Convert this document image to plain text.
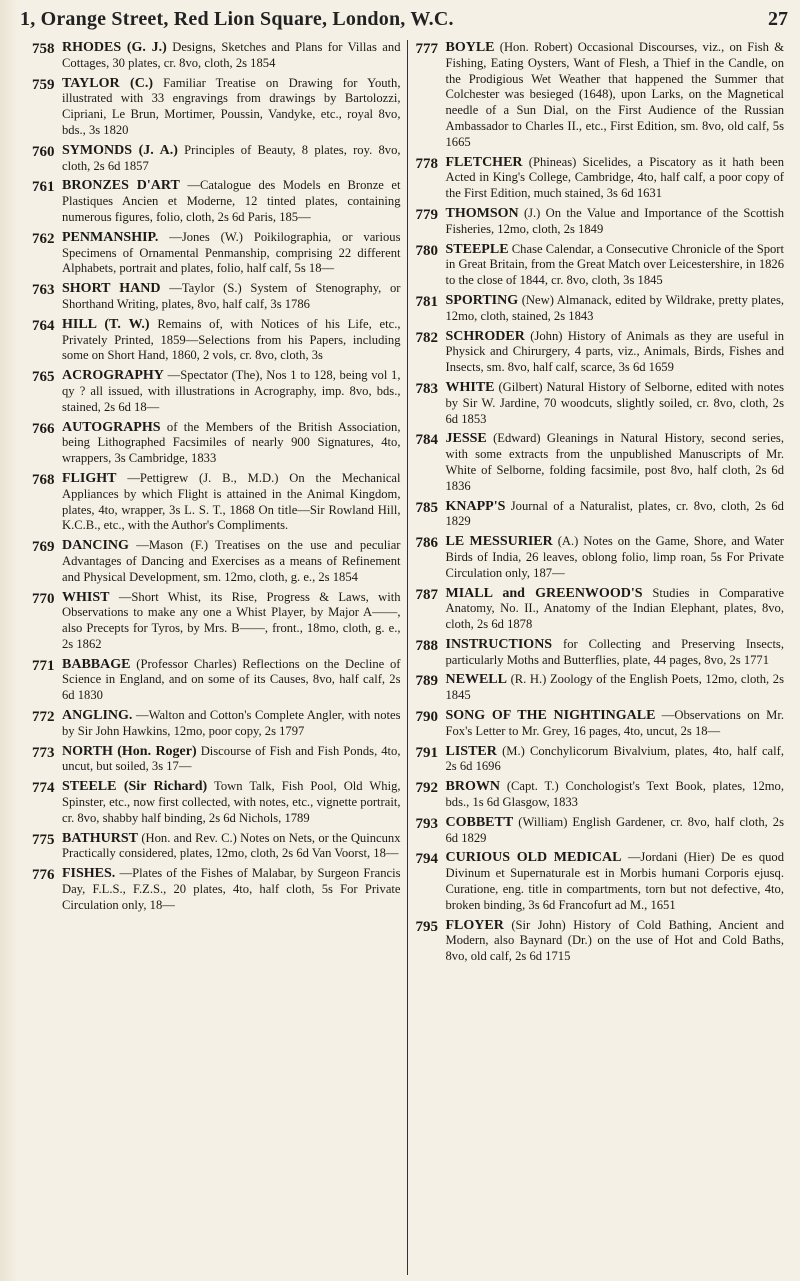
1, Orange Street, Red Lion Square, London, W.C.	27
758 RHODES (G. J.) Designs, Sketches and Plans for Villas and Cottages, 30 plates, cr. 8vo, cloth, 2s 1854
759 TAYLOR (C.) Familiar Treatise on Drawing for Youth, illustrated with 33 engravings from drawings by Bartolozzi, Cipriani, Le Brun, Mortimer, Poussin, Vandyke, etc., royal 8vo, bds., 3s 1820
760 SYMONDS (J. A.) Principles of Beauty, 8 plates, roy. 8vo, cloth, 2s 6d 1857
761 BRONZES D'ART —Catalogue des Models en Bronze et Plastiques Ancien et Moderne, 12 tinted plates, containing numerous figures, folio, cloth, 2s 6d Paris, 185—
762 PENMANSHIP. —Jones (W.) Poikilographia, or various Specimens of Ornamental Penmanship, comprising 22 different Alphabets, portrait and plates, folio, half calf, 5s 18—
763 SHORT HAND —Taylor (S.) System of Stenography, or Shorthand Writing, plates, 8vo, half calf, 3s 1786
764 HILL (T. W.) Remains of, with Notices of his Life, etc., Privately Printed, 1859—Selections from his Papers, including some on Short Hand, 1860, 2 vols, cr. 8vo, cloth, 3s
765 ACROGRAPHY —Spectator (The), Nos 1 to 128, being vol 1, qy ? all issued, with illustrations in Acrography, imp. 8vo, bds., stained, 2s 6d 18—
766 AUTOGRAPHS of the Members of the British Association, being Lithographed Facsimiles of nearly 900 Signatures, 4to, wrappers, 3s Cambridge, 1833
768 FLIGHT —Pettigrew (J. B., M.D.) On the Mechanical Appliances by which Flight is attained in the Animal Kingdom, plates, 4to, wrapper, 3s L. S. T., 1868 On title—Sir Rowland Hill, K.C.B., etc., with the Author's Compliments.
769 DANCING —Mason (F.) Treatises on the use and peculiar Advantages of Dancing and Exercises as a means of Refinement and Physical Development, sm. 12mo, cloth, g. e., 2s 1854
770 WHIST —Short Whist, its Rise, Progress & Laws, with Observations to make any one a Whist Player, by Major A——, also Precepts for Tyros, by Mrs. B——, front., 18mo, cloth, g. e., 2s 1862
771 BABBAGE (Professor Charles) Reflections on the Decline of Science in England, and on some of its Causes, 8vo, half calf, 2s 6d 1830
772 ANGLING. —Walton and Cotton's Complete Angler, with notes by Sir John Hawkins, 12mo, poor copy, 2s 1797
773 NORTH (Hon. Roger) Discourse of Fish and Fish Ponds, 4to, uncut, but soiled, 3s 17—
774 STEELE (Sir Richard) Town Talk, Fish Pool, Old Whig, Spinster, etc., now first collected, with notes, etc., vignette portrait, cr. 8vo, shabby half binding, 2s 6d Nichols, 1789
775 BATHURST (Hon. and Rev. C.) Notes on Nets, or the Quincunx Practically considered, plates, 12mo, cloth, 2s 6d Van Voorst, 18—
776 FISHES. —Plates of the Fishes of Malabar, by Surgeon Francis Day, F.L.S., F.Z.S., 20 plates, 4to, half cloth, 5s For Private Circulation only, 18—
777 BOYLE (Hon. Robert) Occasional Discourses, viz., on Fish & Fishing, Eating Oysters, Want of Flesh, a Thief in the Candle, on the Prodigious Wet Weather that happened the Summer that Colchester was besieged (1648), upon Larks, on the Magnetical needle of a Sun Dial, on the First Audience of the Russian Ambassador to Charles II., etc., First Edition, sm. 8vo, old calf, 5s 1665
778 FLETCHER (Phineas) Sicelides, a Piscatory as it hath been Acted in King's College, Cambridge, 4to, half calf, a poor copy of the First Edition, much stained, 3s 6d 1631
779 THOMSON (J.) On the Value and Importance of the Scottish Fisheries, 12mo, cloth, 2s 1849
780 STEEPLE Chase Calendar, a Consecutive Chronicle of the Sport in Great Britain, from the Great Match over Leicestershire, in 1826 to the close of 1844, cr. 8vo, cloth, 3s 1845
781 SPORTING (New) Almanack, edited by Wildrake, pretty plates, 12mo, cloth, stained, 2s 1843
782 SCHRODER (John) History of Animals as they are useful in Physick and Chirurgery, 4 parts, viz., Animals, Birds, Fishes and Insects, sm. 8vo, half calf, scarce, 3s 6d 1659
783 WHITE (Gilbert) Natural History of Selborne, edited with notes by Sir W. Jardine, 70 woodcuts, slightly soiled, cr. 8vo, cloth, 2s 6d 1853
784 JESSE (Edward) Gleanings in Natural History, second series, with some extracts from the unpublished Manuscripts of Mr. White of Selborne, folding facsimile, post 8vo, half cloth, 2s 6d 1836
785 KNAPP'S Journal of a Naturalist, plates, cr. 8vo, cloth, 2s 6d 1829
786 LE MESSURIER (A.) Notes on the Game, Shore, and Water Birds of India, 26 leaves, oblong folio, limp roan, 5s For Private Circulation only, 187—
787 MIALL and GREENWOOD'S Studies in Comparative Anatomy, No. II., Anatomy of the Indian Elephant, plates, 8vo, cloth, 2s 6d 1878
788 INSTRUCTIONS for Collecting and Preserving Insects, particularly Moths and Butterflies, plate, 44 pages, 8vo, 2s 1771
789 NEWELL (R. H.) Zoology of the English Poets, 12mo, cloth, 2s 1845
790 SONG OF THE NIGHTINGALE —Observations on Mr. Fox's Letter to Mr. Grey, 16 pages, 4to, uncut, 2s 18—
791 LISTER (M.) Conchylicorum Bivalvium, plates, 4to, half calf, 2s 6d 1696
792 BROWN (Capt. T.) Conchologist's Text Book, plates, 12mo, bds., 1s 6d Glasgow, 1833
793 COBBETT (William) English Gardener, cr. 8vo, half cloth, 2s 6d 1829
794 CURIOUS OLD MEDICAL —Jordani (Hier) De es quod Divinum et Supernaturale est in Morbis humani Corporis ejusq. Curatione, eng. title in compartments, torn but not defective, 4to, broken binding, 3s 6d Francofurt ad M., 1651
795 FLOYER (Sir John) History of Cold Bathing, Ancient and Modern, also Baynard (Dr.) on the use of Hot and Cold Baths, 8vo, old calf, 2s 6d 1715
